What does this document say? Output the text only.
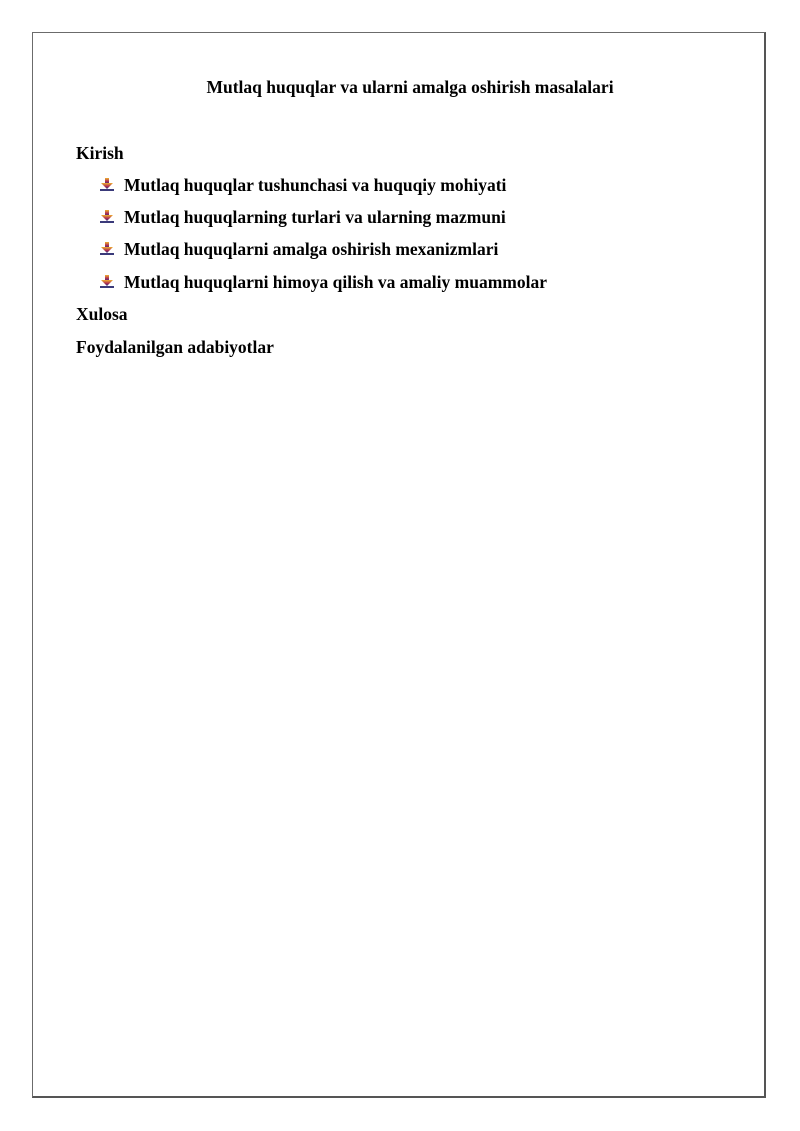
Mutlaq huquqlar va ularni amalga oshirish masalalari
Kirish
Mutlaq huquqlar tushunchasi va huquqiy mohiyati
Mutlaq huquqlarning turlari va ularning mazmuni
Mutlaq huquqlarni amalga oshirish mexanizmlari
Mutlaq huquqlarni himoya qilish va amaliy muammolar
Xulosa
Foydalanilgan adabiyotlar
